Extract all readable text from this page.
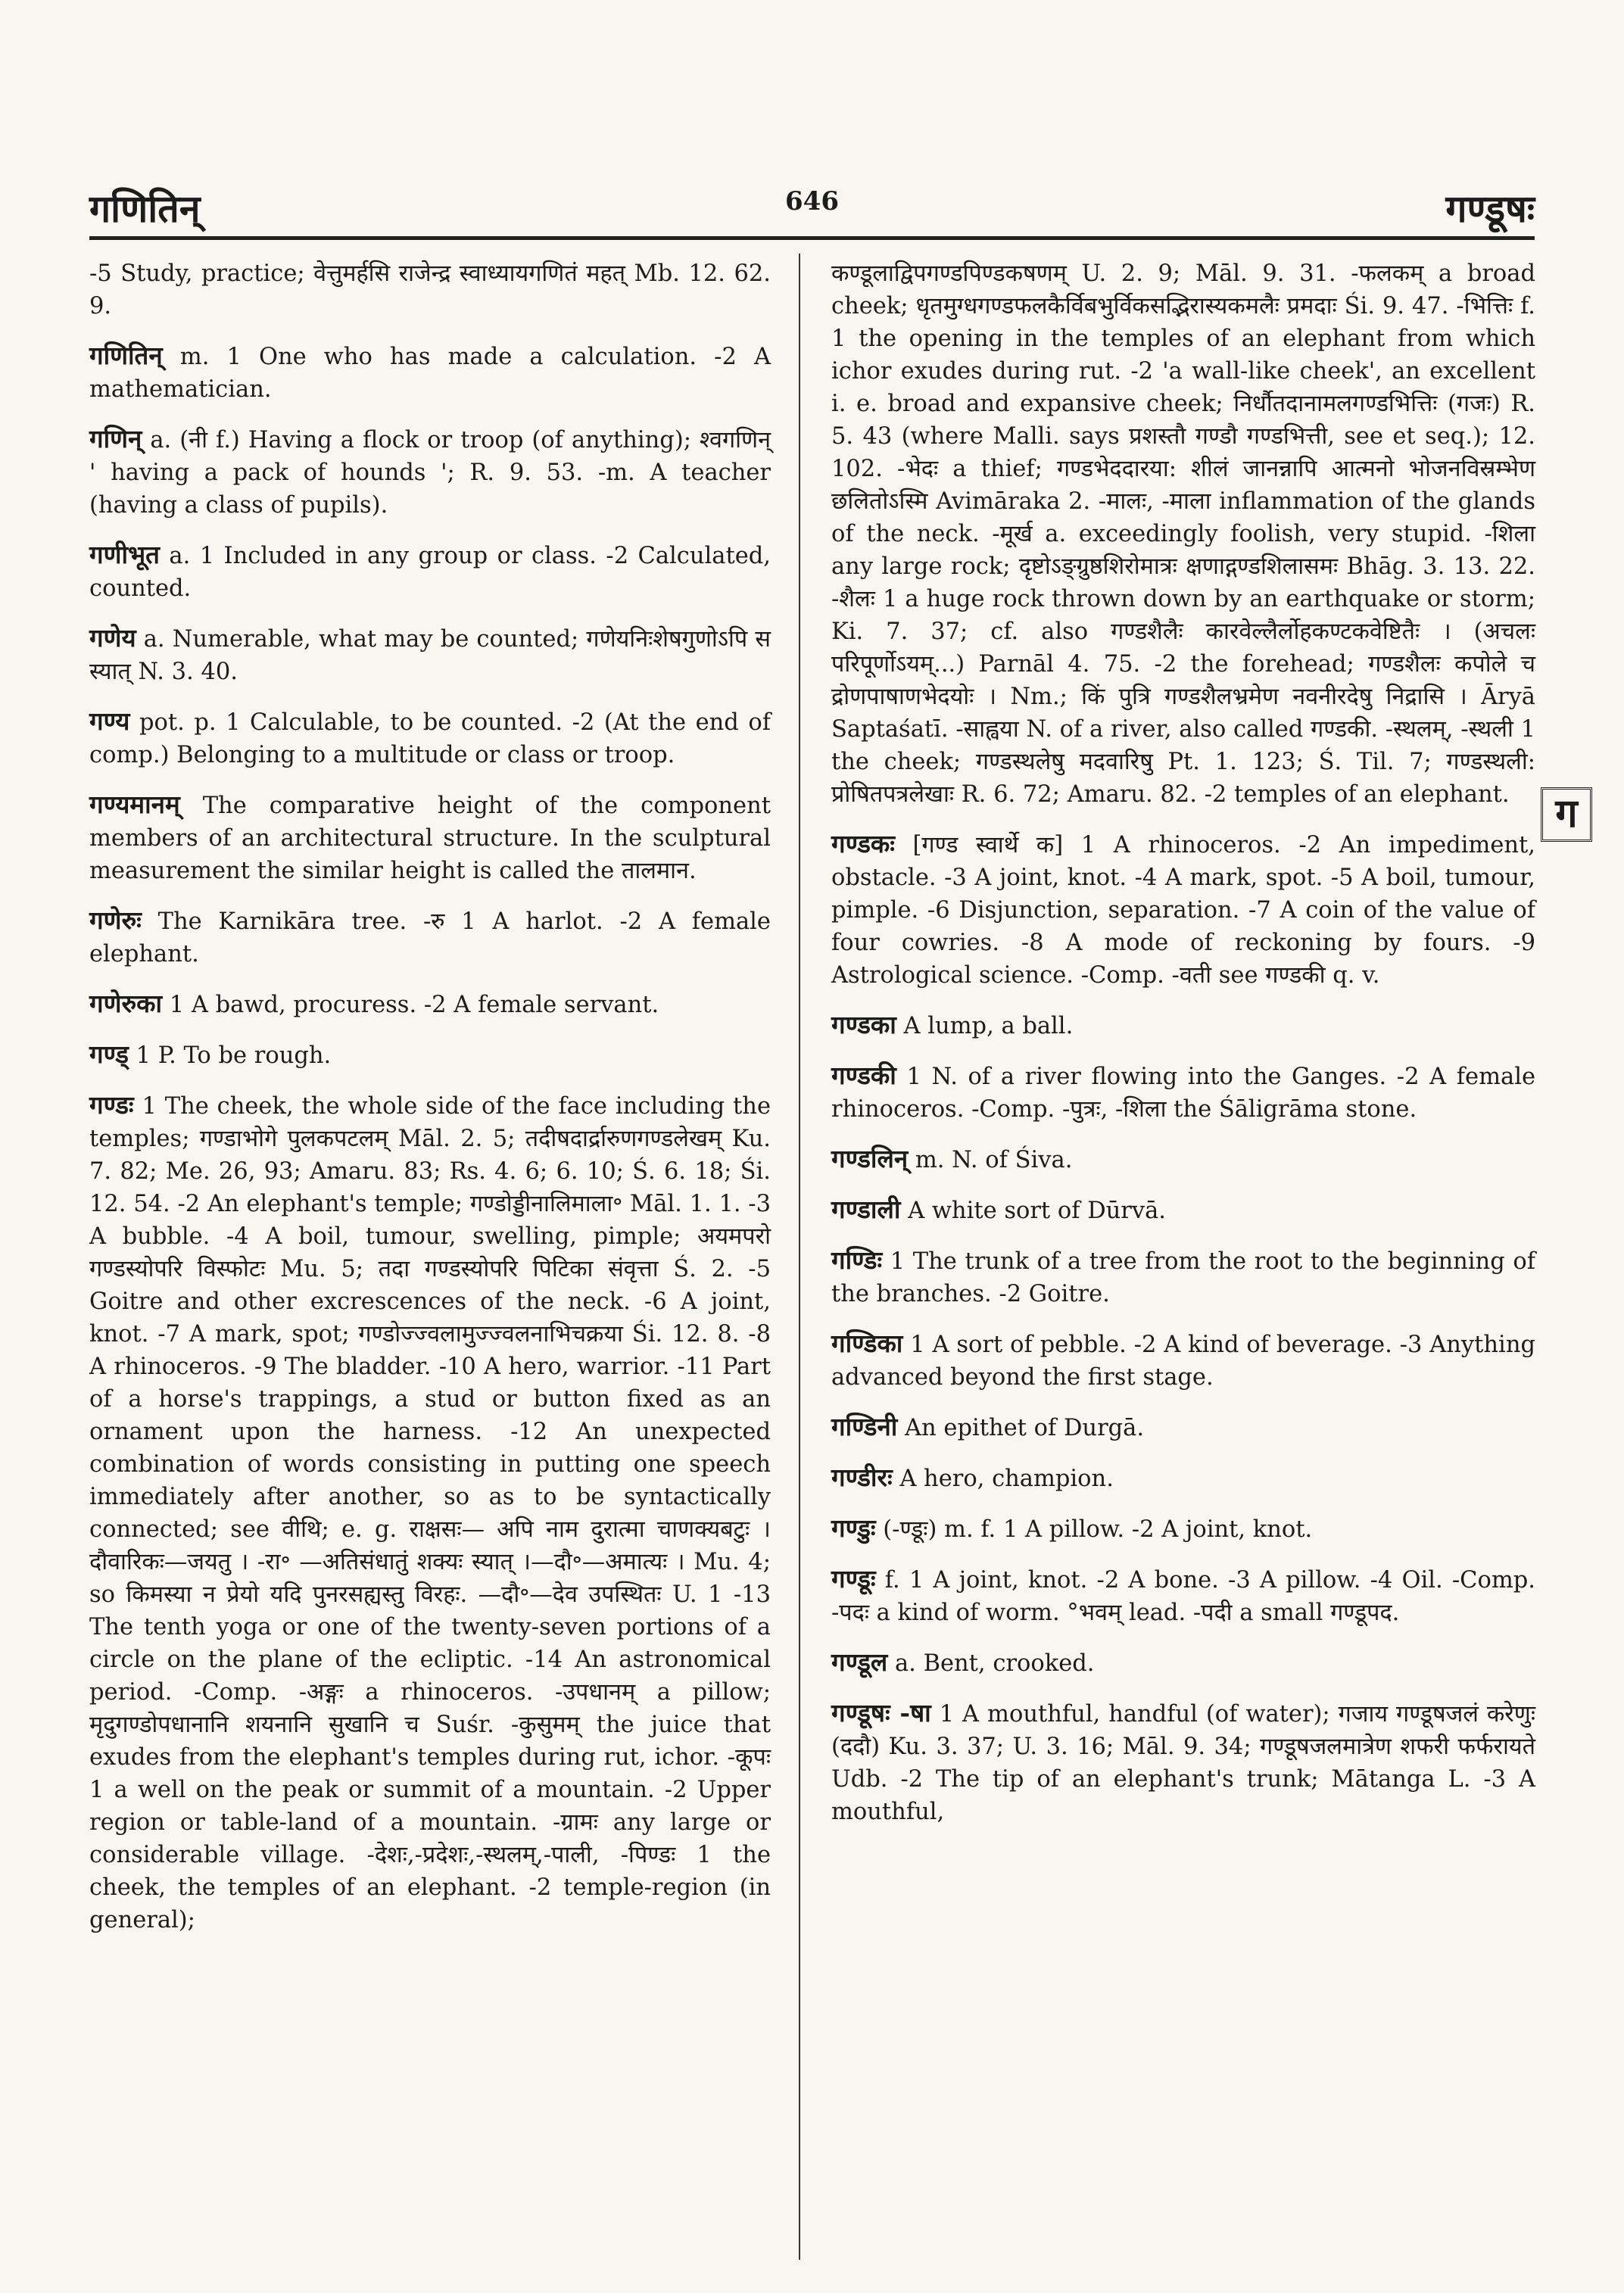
गणितिन्	646	गण्डूषः

-5 Study, practice; वेत्तुमर्हसि राजेन्द्र स्वाध्यायगणितं महत् Mb. 12. 62. 9.

गणितिन् m. 1 One who has made a calculation. -2 A mathematician.

गणिन् a. (नी f.) Having a flock or troop (of anything); श्वगणिन् ' having a pack of hounds '; R. 9. 53. -m. A teacher (having a class of pupils).

गणीभूत a. 1 Included in any group or class. -2 Calculated, counted.

गणेय a. Numerable, what may be counted; गणेयनिःशेषगुणोऽपि स स्यात् N. 3. 40.

गण्य pot. p. 1 Calculable, to be counted. -2 (At the end of comp.) Belonging to a multitude or class or troop.

गण्यमानम् The comparative height of the component members of an architectural structure. In the sculptural measurement the similar height is called the तालमान.

गणेरुः The Karnikāra tree. -रु 1 A harlot. -2 A female elephant.

गणेरुका 1 A bawd, procuress. -2 A female servant.

गण्ड् 1 P. To be rough.

गण्डः 1 The cheek, the whole side of the face including the temples; गण्डाभोगे पुलकपटलम् Māl. 2. 5; तदीषदार्द्रारुणगण्डलेखम् Ku. 7. 82; Me. 26, 93; Amaru. 83; Rs. 4. 6; 6. 10; Ś. 6. 18; Śi. 12. 54. -2 An elephant's temple; गण्डोड्डीनालिमाला॰ Māl. 1. 1. -3 A bubble. -4 A boil, tumour, swelling, pimple; अयमपरो गण्डस्योपरि विस्फोटः Mu. 5; तदा गण्डस्योपरि पिटिका संवृत्ता Ś. 2. -5 Goitre and other excrescences of the neck. -6 A joint, knot. -7 A mark, spot; गण्डोज्ज्वलामुज्ज्वलनाभिचक्रया Śi. 12. 8. -8 A rhinoceros. -9 The bladder. -10 A hero, warrior. -11 Part of a horse's trappings, a stud or button fixed as an ornament upon the harness. -12 An unexpected combination of words consisting in putting one speech immediately after another, so as to be syntactically connected; see वीथि; e. g. राक्षसः— अपि नाम दुरात्मा चाणक्यबटुः । दौवारिकः—जयतु । -रा॰ —अतिसंधातुं शक्यः स्यात् ।—दौ॰—अमात्यः । Mu. 4; so किमस्या न प्रेयो यदि पुनरसह्यस्तु विरहः. —दौ॰—देव उपस्थितः U. 1 -13 The tenth yoga or one of the twenty-seven portions of a circle on the plane of the ecliptic. -14 An astronomical period. -Comp. -अङ्गः a rhinoceros. -उपधानम् a pillow; मृदुगण्डोपधानानि शयनानि सुखानि च Suśr. -कुसुमम् the juice that exudes from the elephant's temples during rut, ichor. -कूपः 1 a well on the peak or summit of a mountain. -2 Upper region or table-land of a mountain. -ग्रामः any large or considerable village. -देशः,-प्रदेशः,-स्थलम्,-पाली, -पिण्डः 1 the cheek, the temples of an elephant. -2 temple-region (in general);

कण्डूलाद्विपगण्डपिण्डकषणम् U. 2. 9; Māl. 9. 31. -फलकम् a broad cheek; धृतमुग्धगण्डफलकैर्विबभुर्विकसद्भिरास्यकमलैः प्रमदाः Śi. 9. 47. -भित्तिः f. 1 the opening in the temples of an elephant from which ichor exudes during rut. -2 'a wall-like cheek', an excellent i. e. broad and expansive cheek; निर्धौतदानामलगण्डभित्तिः (गजः) R. 5. 43 (where Malli. says प्रशस्तौ गण्डौ गण्डभित्ती, see et seq.); 12. 102. -भेदः a thief; गण्डभेददारया: शीलं जानन्नापि आत्मनो भोजनविस्रम्भेण छलितोऽस्मि Avimāraka 2. -मालः, -माला inflammation of the glands of the neck. -मूर्ख a. exceedingly foolish, very stupid. -शिला any large rock; दृष्टोऽङ्ग्रुष्ठशिरोमात्रः क्षणाद्गण्डशिलासमः Bhāg. 3. 13. 22. -शैलः 1 a huge rock thrown down by an earthquake or storm; Ki. 7. 37; cf. also गण्डशैलैः कारवेल्लैर्लोहकण्टकवेष्टितैः । (अचलः परिपूर्णोऽयम्...) Parnāl 4. 75. -2 the forehead; गण्डशैलः कपोले च द्रोणपाषाणभेदयोः । Nm.; किं पुत्रि गण्डशैलभ्रमेण नवनीरदेषु निद्रासि । Āryā Saptaśatī. -साह्वया N. of a river, also called गण्डकी. -स्थलम्, -स्थली 1 the cheek; गण्डस्थलेषु मदवारिषु Pt. 1. 123; Ś. Til. 7; गण्डस्थली: प्रोषितपत्रलेखाः R. 6. 72; Amaru. 82. -2 temples of an elephant.

गण्डकः [गण्ड स्वार्थे क] 1 A rhinoceros. -2 An impediment, obstacle. -3 A joint, knot. -4 A mark, spot. -5 A boil, tumour, pimple. -6 Disjunction, separation. -7 A coin of the value of four cowries. -8 A mode of reckoning by fours. -9 Astrological science. -Comp. -वती see गण्डकी q. v.

गण्डका A lump, a ball.

गण्डकी 1 N. of a river flowing into the Ganges. -2 A female rhinoceros. -Comp. -पुत्रः, -शिला the Śāligrāma stone.

गण्डलिन् m. N. of Śiva.

गण्डाली A white sort of Dūrvā.

गण्डिः 1 The trunk of a tree from the root to the beginning of the branches. -2 Goitre.

गण्डिका 1 A sort of pebble. -2 A kind of beverage. -3 Anything advanced beyond the first stage.

गण्डिनी An epithet of Durgā.

गण्डीरः A hero, champion.

गण्डुः (-ण्डूः) m. f. 1 A pillow. -2 A joint, knot.

गण्डूः f. 1 A joint, knot. -2 A bone. -3 A pillow. -4 Oil. -Comp. -पदः a kind of worm. °भवम् lead. -पदी a small गण्डूपद.

गण्डूल a. Bent, crooked.

गण्डूषः -षा 1 A mouthful, handful (of water); गजाय गण्डूषजलं करेणुः (ददौ) Ku. 3. 37; U. 3. 16; Māl. 9. 34; गण्डूषजलमात्रेण शफरी फर्फरायते Udb. -2 The tip of an elephant's trunk; Mātanga L. -3 A mouthful,

ग
